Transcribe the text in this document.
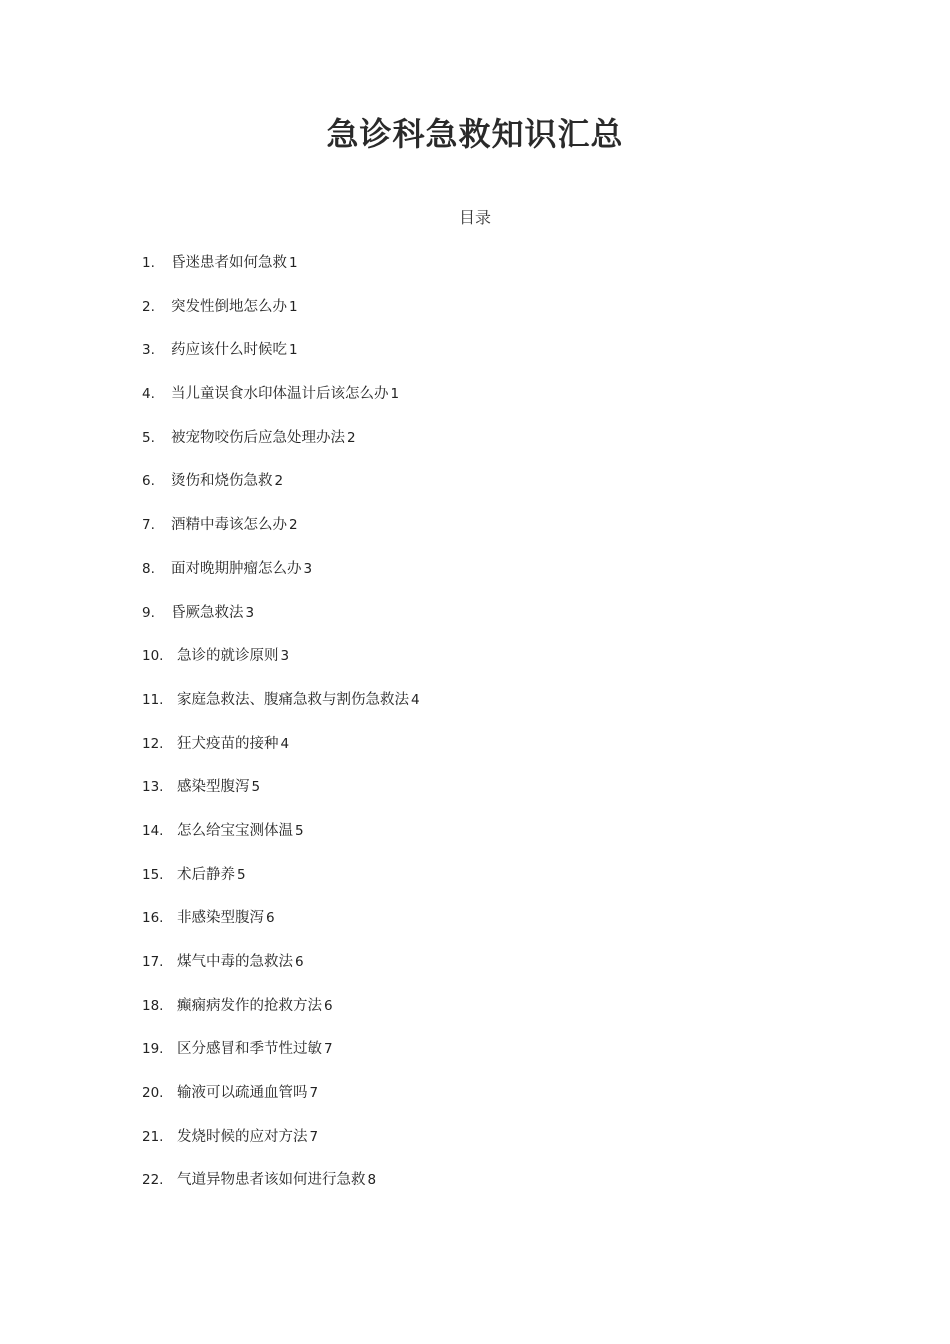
急诊科急救知识汇总
目录
1.	昏迷患者如何急救 1
2.	突发性倒地怎么办 1
3.	药应该什么时候吃 1
4.	当儿童误食水印体温计后该怎么办 1
5.	被宠物咬伤后应急处理办法 2
6.	烫伤和烧伤急救 2
7.	酒精中毒该怎么办 2
8.	面对晚期肿瘤怎么办 3
9.	昏厥急救法 3
10. 急诊的就诊原则 3
11. 家庭急救法、腹痛急救与割伤急救法 4
12. 狂犬疫苗的接种 4
13. 感染型腹泻 5
14. 怎么给宝宝测体温 5
15. 术后静养 5
16. 非感染型腹泻 6
17. 煤气中毒的急救法 6
18. 癫痫病发作的抢救方法 6
19. 区分感冒和季节性过敏 7
20. 输液可以疏通血管吗 7
21. 发烧时候的应对方法 7
22. 气道异物患者该如何进行急救 8
